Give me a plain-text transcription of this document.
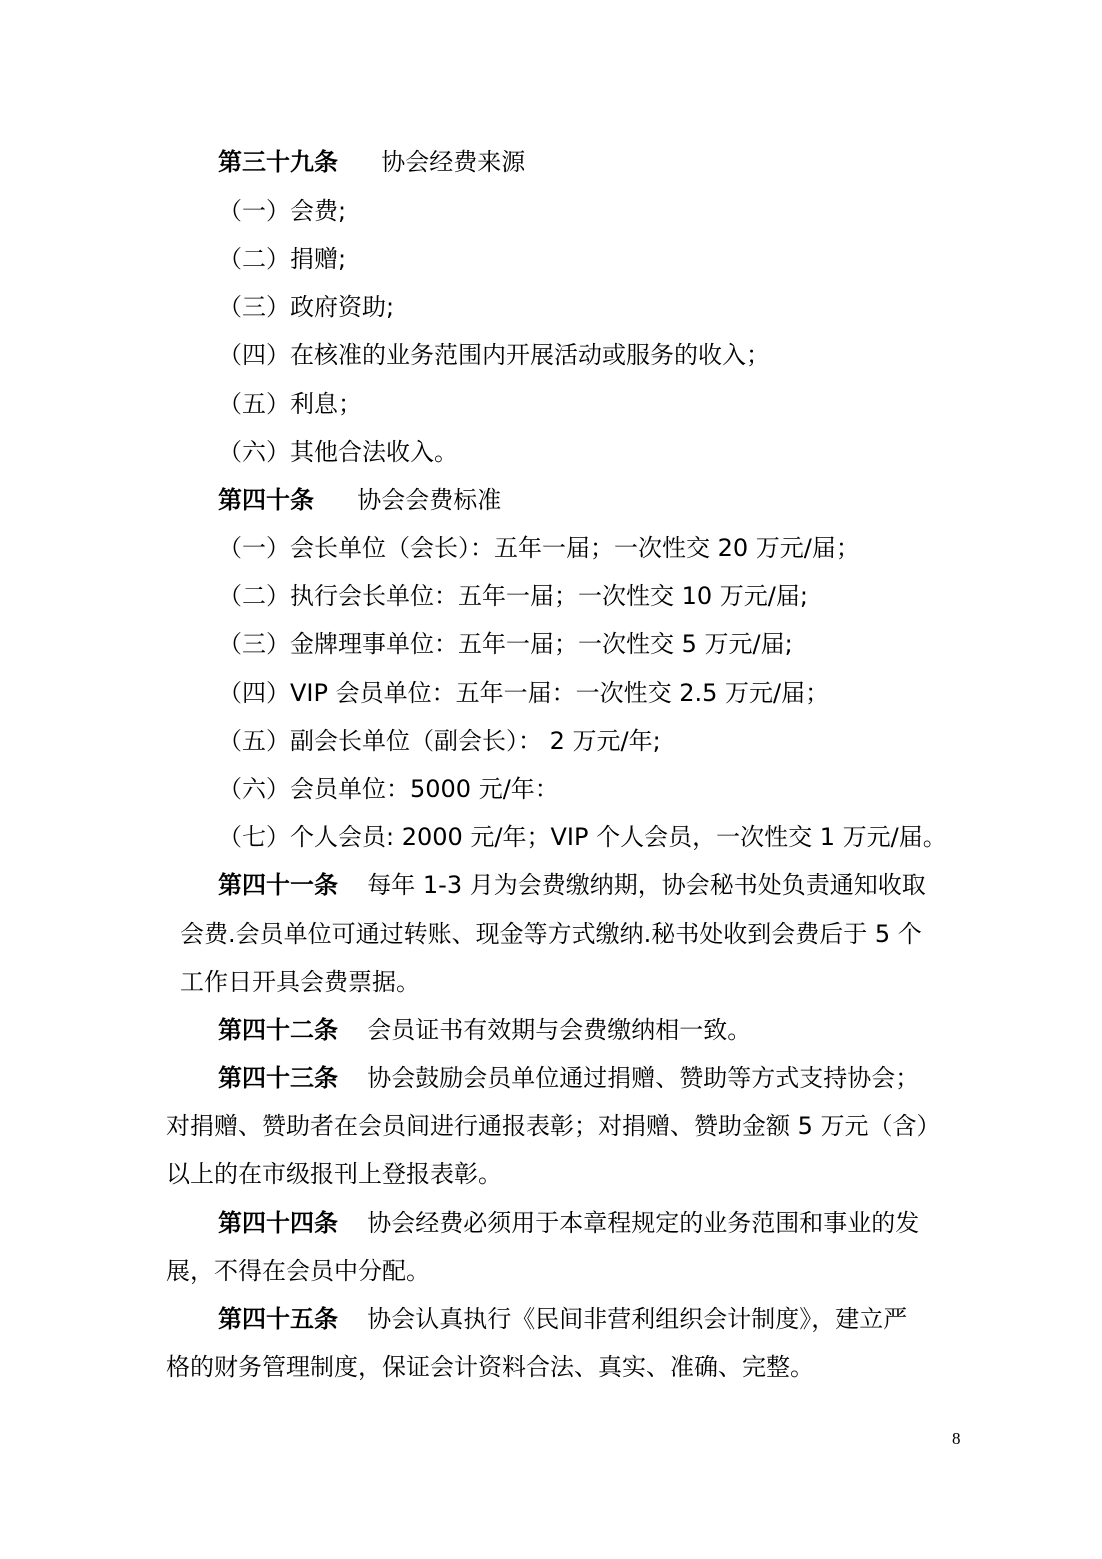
第三十九条 协会经费来源
（一）会费;
（二）捐赠;
（三）政府资助;
（四）在核准的业务范围内开展活动或服务的收入；
（五）利息；
（六）其他合法收入。
第四十条 协会会费标准
（一）会长单位（会长）：五年一届；一次性交 20 万元/届；
（二）执行会长单位：五年一届；一次性交 10 万元/届;
（三）金牌理事单位：五年一届；一次性交 5 万元/届;
（四）VIP 会员单位：五年一届：一次性交 2.5 万元/届；
（五）副会长单位（副会长）： 2 万元/年;
（六）会员单位：5000 元/年：
（七）个人会员: 2000 元/年；VIP 个人会员，一次性交 1 万元/届。
第四十一条 每年 1-3 月为会费缴纳期，协会秘书处负责通知收取
会费.会员单位可通过转账、现金等方式缴纳.秘书处收到会费后于 5 个
工作日开具会费票据。
第四十二条 会员证书有效期与会费缴纳相一致。
第四十三条 协会鼓励会员单位通过捐赠、赞助等方式支持协会；
对捐赠、赞助者在会员间进行通报表彰；对捐赠、赞助金额 5 万元（含）
以上的在市级报刊上登报表彰。
第四十四条 协会经费必须用于本章程规定的业务范围和事业的发
展，不得在会员中分配。
第四十五条 协会认真执行《民间非营利组织会计制度》，建立严
格的财务管理制度，保证会计资料合法、真实、准确、完整。
8
